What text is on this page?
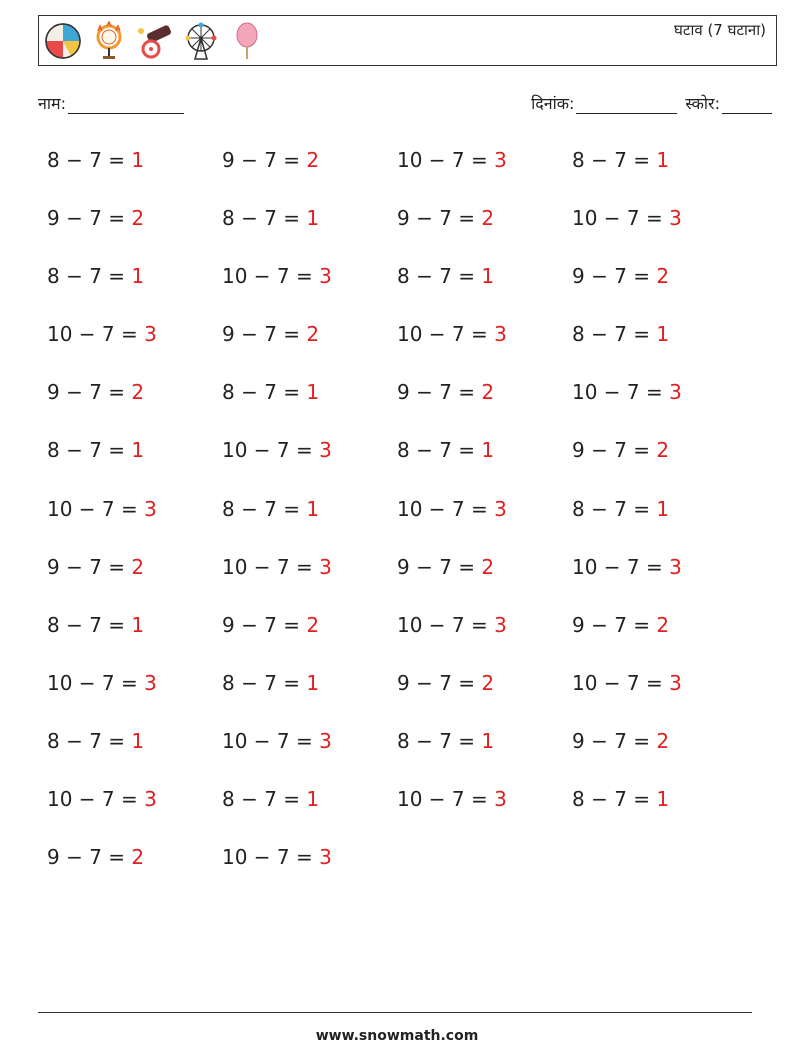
घटाव (7 घटाना)
नाम:	दिनांक:	स्कोर:
8 − 7 = 1	9 − 7 = 2	10 − 7 = 3	8 − 7 = 1
9 − 7 = 2	8 − 7 = 1	9 − 7 = 2	10 − 7 = 3
8 − 7 = 1	10 − 7 = 3	8 − 7 = 1	9 − 7 = 2
10 − 7 = 3	9 − 7 = 2	10 − 7 = 3	8 − 7 = 1
9 − 7 = 2	8 − 7 = 1	9 − 7 = 2	10 − 7 = 3
8 − 7 = 1	10 − 7 = 3	8 − 7 = 1	9 − 7 = 2
10 − 7 = 3	8 − 7 = 1	10 − 7 = 3	8 − 7 = 1
9 − 7 = 2	10 − 7 = 3	9 − 7 = 2	10 − 7 = 3
8 − 7 = 1	9 − 7 = 2	10 − 7 = 3	9 − 7 = 2
10 − 7 = 3	8 − 7 = 1	9 − 7 = 2	10 − 7 = 3
8 − 7 = 1	10 − 7 = 3	8 − 7 = 1	9 − 7 = 2
10 − 7 = 3	8 − 7 = 1	10 − 7 = 3	8 − 7 = 1
9 − 7 = 2	10 − 7 = 3
www.snowmath.com
